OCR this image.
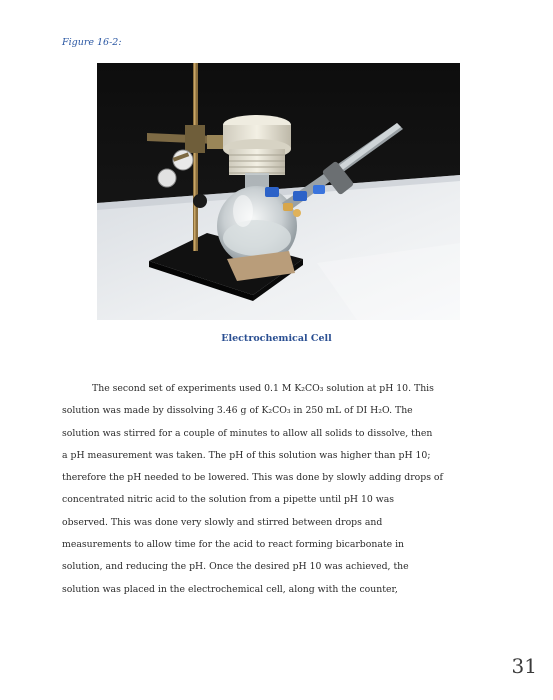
Figure 16-2:

Electrochemical Cell

The second set of experiments used 0.1 M K₂CO₃ solution at pH 10. This
solution was made by dissolving 3.46 g of K₂CO₃ in 250 mL of DI H₂O. The
solution was stirred for a couple of minutes to allow all solids to dissolve, then
a pH measurement was taken. The pH of this solution was higher than pH 10;
therefore the pH needed to be lowered. This was done by slowly adding drops of
concentrated nitric acid to the solution from a pipette until pH 10 was
observed. This was done very slowly and stirred between drops and
measurements to allow time for the acid to react forming bicarbonate in
solution, and reducing the pH. Once the desired pH 10 was achieved, the
solution was placed in the electrochemical cell, along with the counter,

31
